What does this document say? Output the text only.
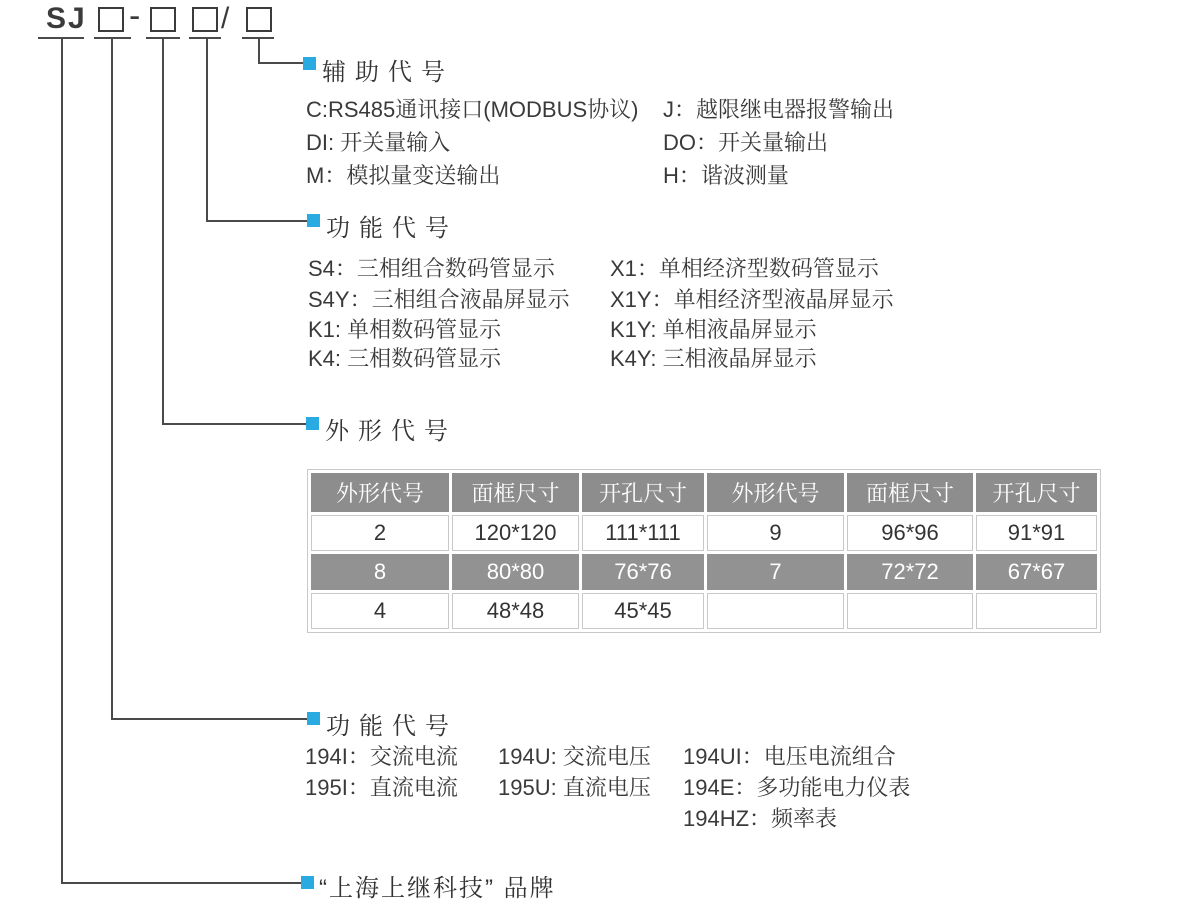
SJ -	/
辅助代号
C:RS485通讯接口(MODBUS协议) J：越限继电器报警输出
DI: 开关量输入	DO：开关量输出
M：模拟量变送输出	H：谐波测量
功能代号
S4：三相组合数码管显示	X1：单相经济型数码管显示
S4Y：三相组合液晶屏显示 X1Y：单相经济型液晶屏显示
K1: 单相数码管显示	K1Y: 单相液晶屏显示
K4: 三相数码管显示	K4Y: 三相液晶屏显示
外形代号
外形代号	面框尺寸	开孔尺寸	外形代号	面框尺寸	开孔尺寸
2	120*120	111*111	9	96*96	91*91
8	80*80	76*76	7	72*72	67*67
4	48*48	45*45			
功能代号
194I：交流电流 194U: 交流电压 194UI：电压电流组合
195I：直流电流 195U: 直流电压 194E：多功能电力仪表
194HZ：频率表
“上海上继科技” 品牌
